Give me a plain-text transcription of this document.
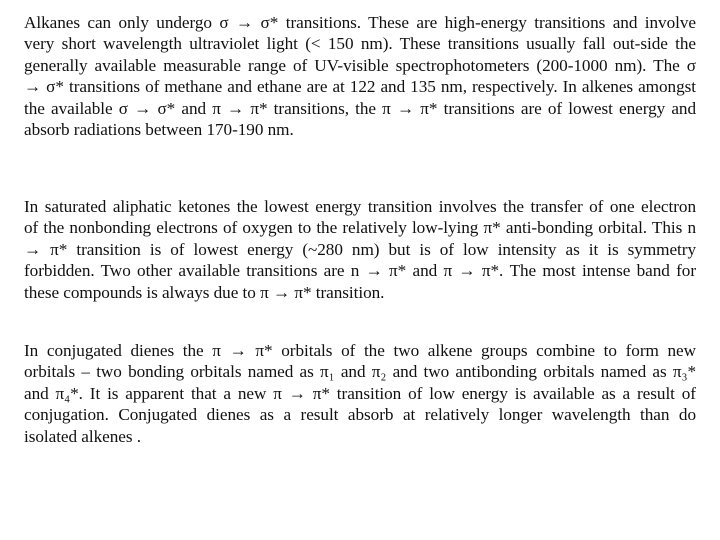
Alkanes can only undergo σ → σ* transitions. These are high-energy transitions and involve
very short wavelength ultraviolet light (< 150 nm). These transitions usually fall out-side the
generally available measurable range of UV-visible spectrophotometers (200-1000 nm). The σ
→ σ* transitions of methane and ethane are at 122 and 135 nm, respectively. In alkenes amongst
the available σ → σ* and π → π* transitions, the π → π* transitions are of lowest energy and
absorb radiations between 170-190 nm.
In saturated aliphatic ketones the lowest energy transition involves the transfer of one electron
of the nonbonding electrons of oxygen to the relatively low-lying π* anti-bonding orbital. This n
→ π* transition is of lowest energy (~280 nm) but is of low intensity as it is symmetry
forbidden. Two other available transitions are n → π* and π → π*. The most intense band for
these compounds is always due to π → π* transition.
In conjugated dienes the π → π* orbitals of the two alkene groups combine to form new
orbitals – two bonding orbitals named as π₁ and π₂ and two antibonding orbitals named as π₃*
and π₄*. It is apparent that a new π → π* transition of low energy is available as a result of
conjugation. Conjugated dienes as a result absorb at relatively longer wavelength than do
isolated alkenes .
